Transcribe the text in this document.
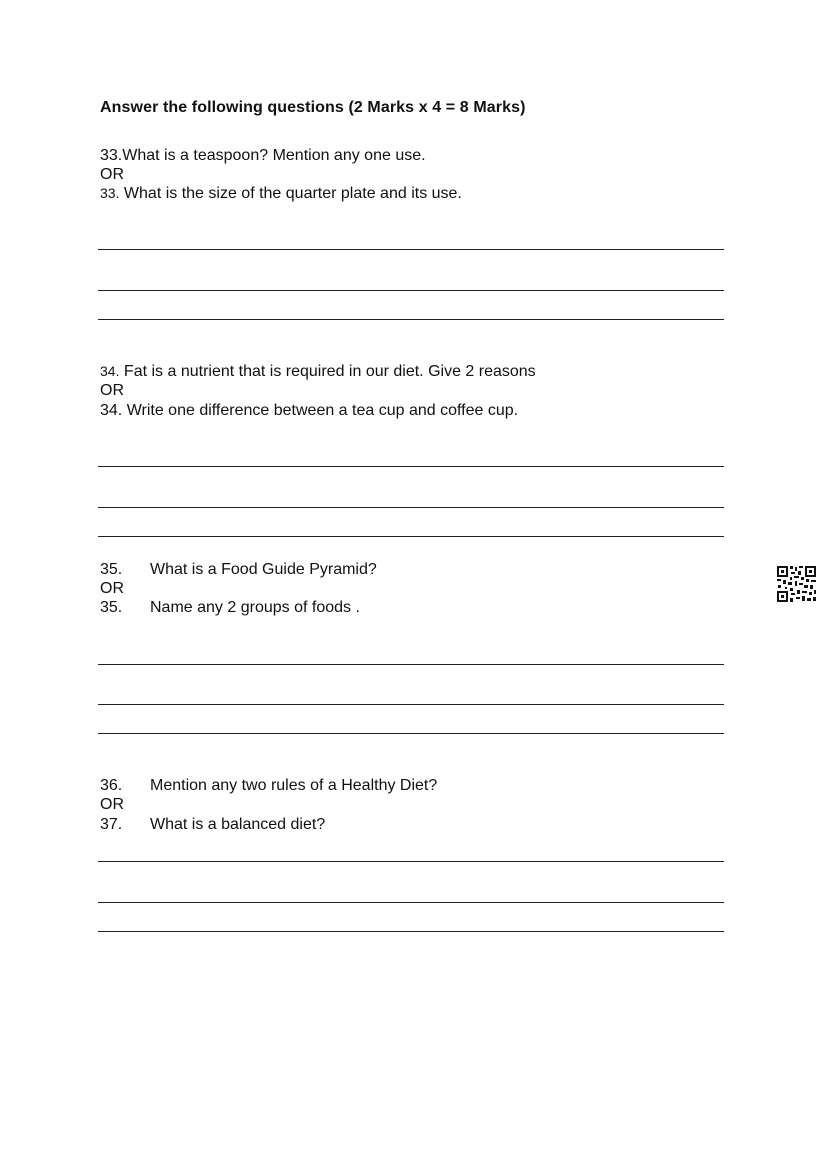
Answer the following questions (2 Marks x 4 = 8 Marks)
33.What is a teaspoon? Mention any one use.
OR
33. What is the size of the quarter plate and its use.
34. Fat is a nutrient that is required in our diet. Give 2 reasons
OR
34. Write one difference between a tea cup and coffee cup.
35. What is a Food Guide Pyramid?
OR
35. Name any 2 groups of foods .
36. Mention any two rules of a Healthy Diet?
OR
37. What is a balanced diet?
